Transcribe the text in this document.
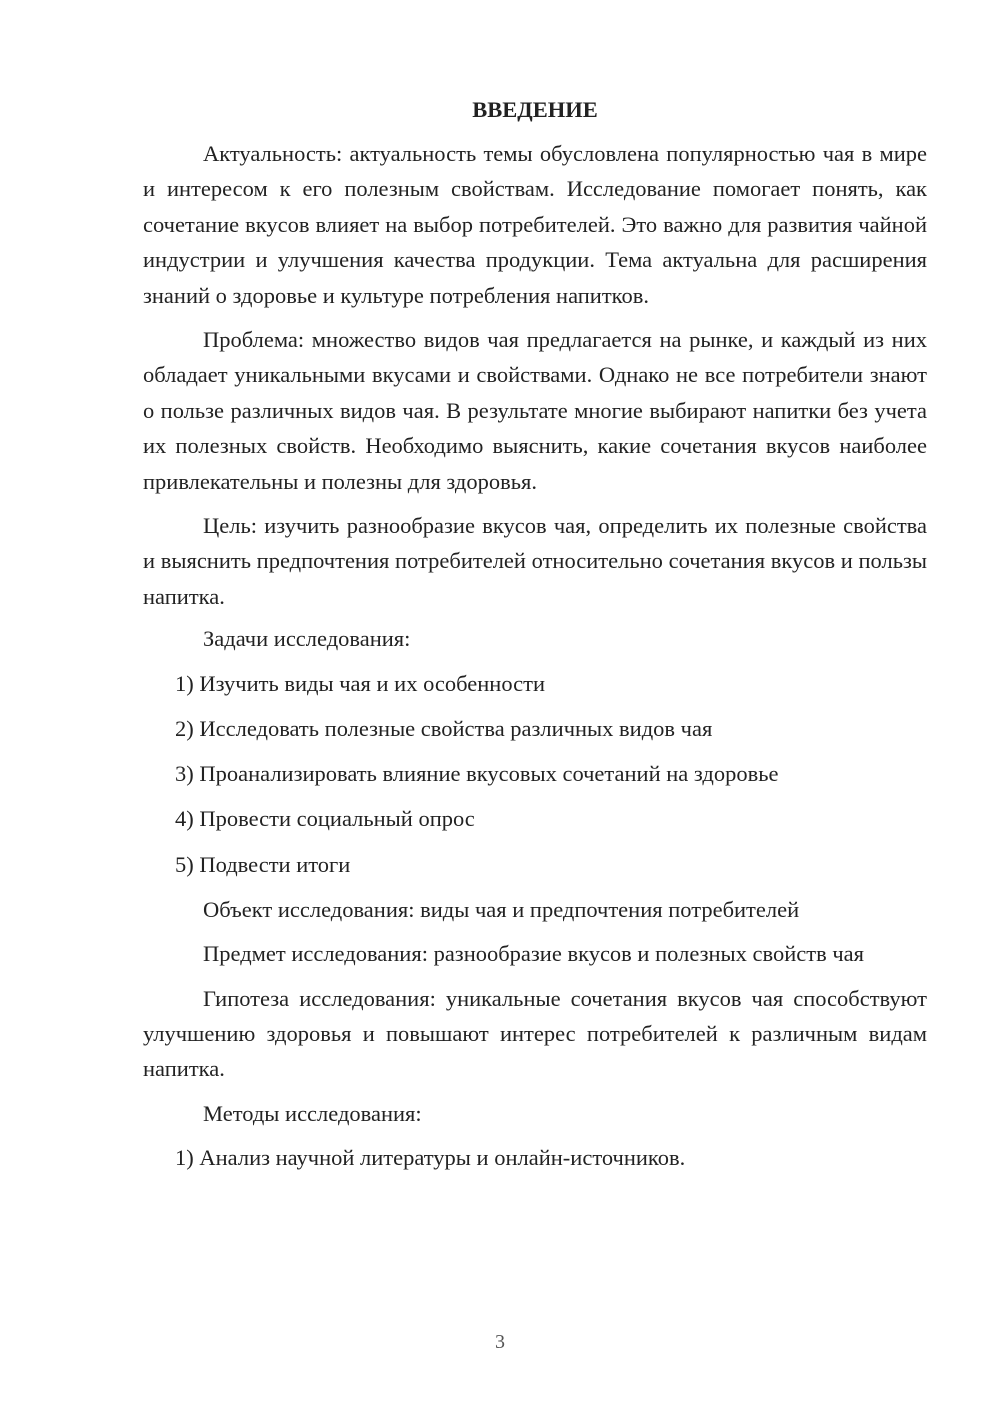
ВВЕДЕНИЕ
Актуальность: актуальность темы обусловлена популярностью чая в мире и интересом к его полезным свойствам. Исследование помогает понять, как сочетание вкусов влияет на выбор потребителей. Это важно для развития чайной индустрии и улучшения качества продукции. Тема актуальна для расширения знаний о здоровье и культуре потребления напитков.
Проблема: множество видов чая предлагается на рынке, и каждый из них обладает уникальными вкусами и свойствами. Однако не все потребители знают о пользе различных видов чая. В результате многие выбирают напитки без учета их полезных свойств. Необходимо выяснить, какие сочетания вкусов наиболее привлекательны и полезны для здоровья.
Цель: изучить разнообразие вкусов чая, определить их полезные свойства и выяснить предпочтения потребителей относительно сочетания вкусов и пользы напитка.
Задачи исследования:
1) Изучить виды чая и их особенности
2) Исследовать полезные свойства различных видов чая
3) Проанализировать влияние вкусовых сочетаний на здоровье
4) Провести социальный опрос
5) Подвести итоги
Объект исследования: виды чая и предпочтения потребителей
Предмет исследования: разнообразие вкусов и полезных свойств чая
Гипотеза исследования: уникальные сочетания вкусов чая способствуют улучшению здоровья и повышают интерес потребителей к различным видам напитка.
Методы исследования:
1) Анализ научной литературы и онлайн-источников.
3
